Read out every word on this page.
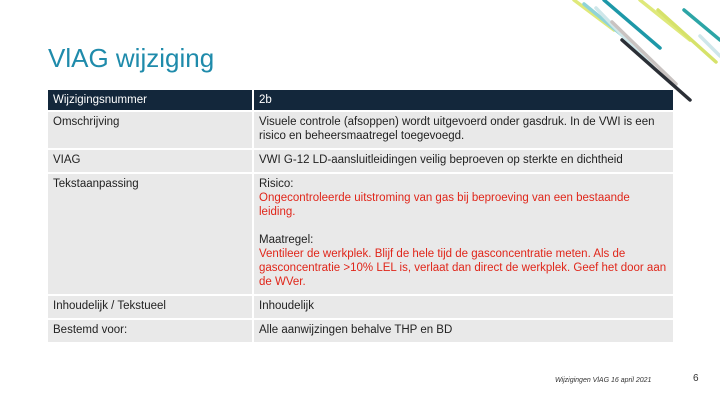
VlAG wijziging
Wijzigingsnummer	2b
Omschrijving	Visuele controle (afsoppen) wordt uitgevoerd onder gasdruk. In de VWI is een risico en beheersmaatregel toegevoegd.
VIAG	VWI G-12 LD-aansluitleidingen veilig beproeven op sterkte en dichtheid
Tekstaanpassing	Risico:
Ongecontroleerde uitstroming van gas bij beproeving van een bestaande leiding.
Maatregel:
Ventileer de werkplek. Blijf de hele tijd de gasconcentratie meten. Als de gasconcentratie >10% LEL is, verlaat dan direct de werkplek. Geef het door aan de WVer.

Inhoudelijk / Tekstueel	Inhoudelijk
Bestemd voor:	Alle aanwijzingen behalve THP en BD
Wijzigingen VlAG 16 april 2021	6
